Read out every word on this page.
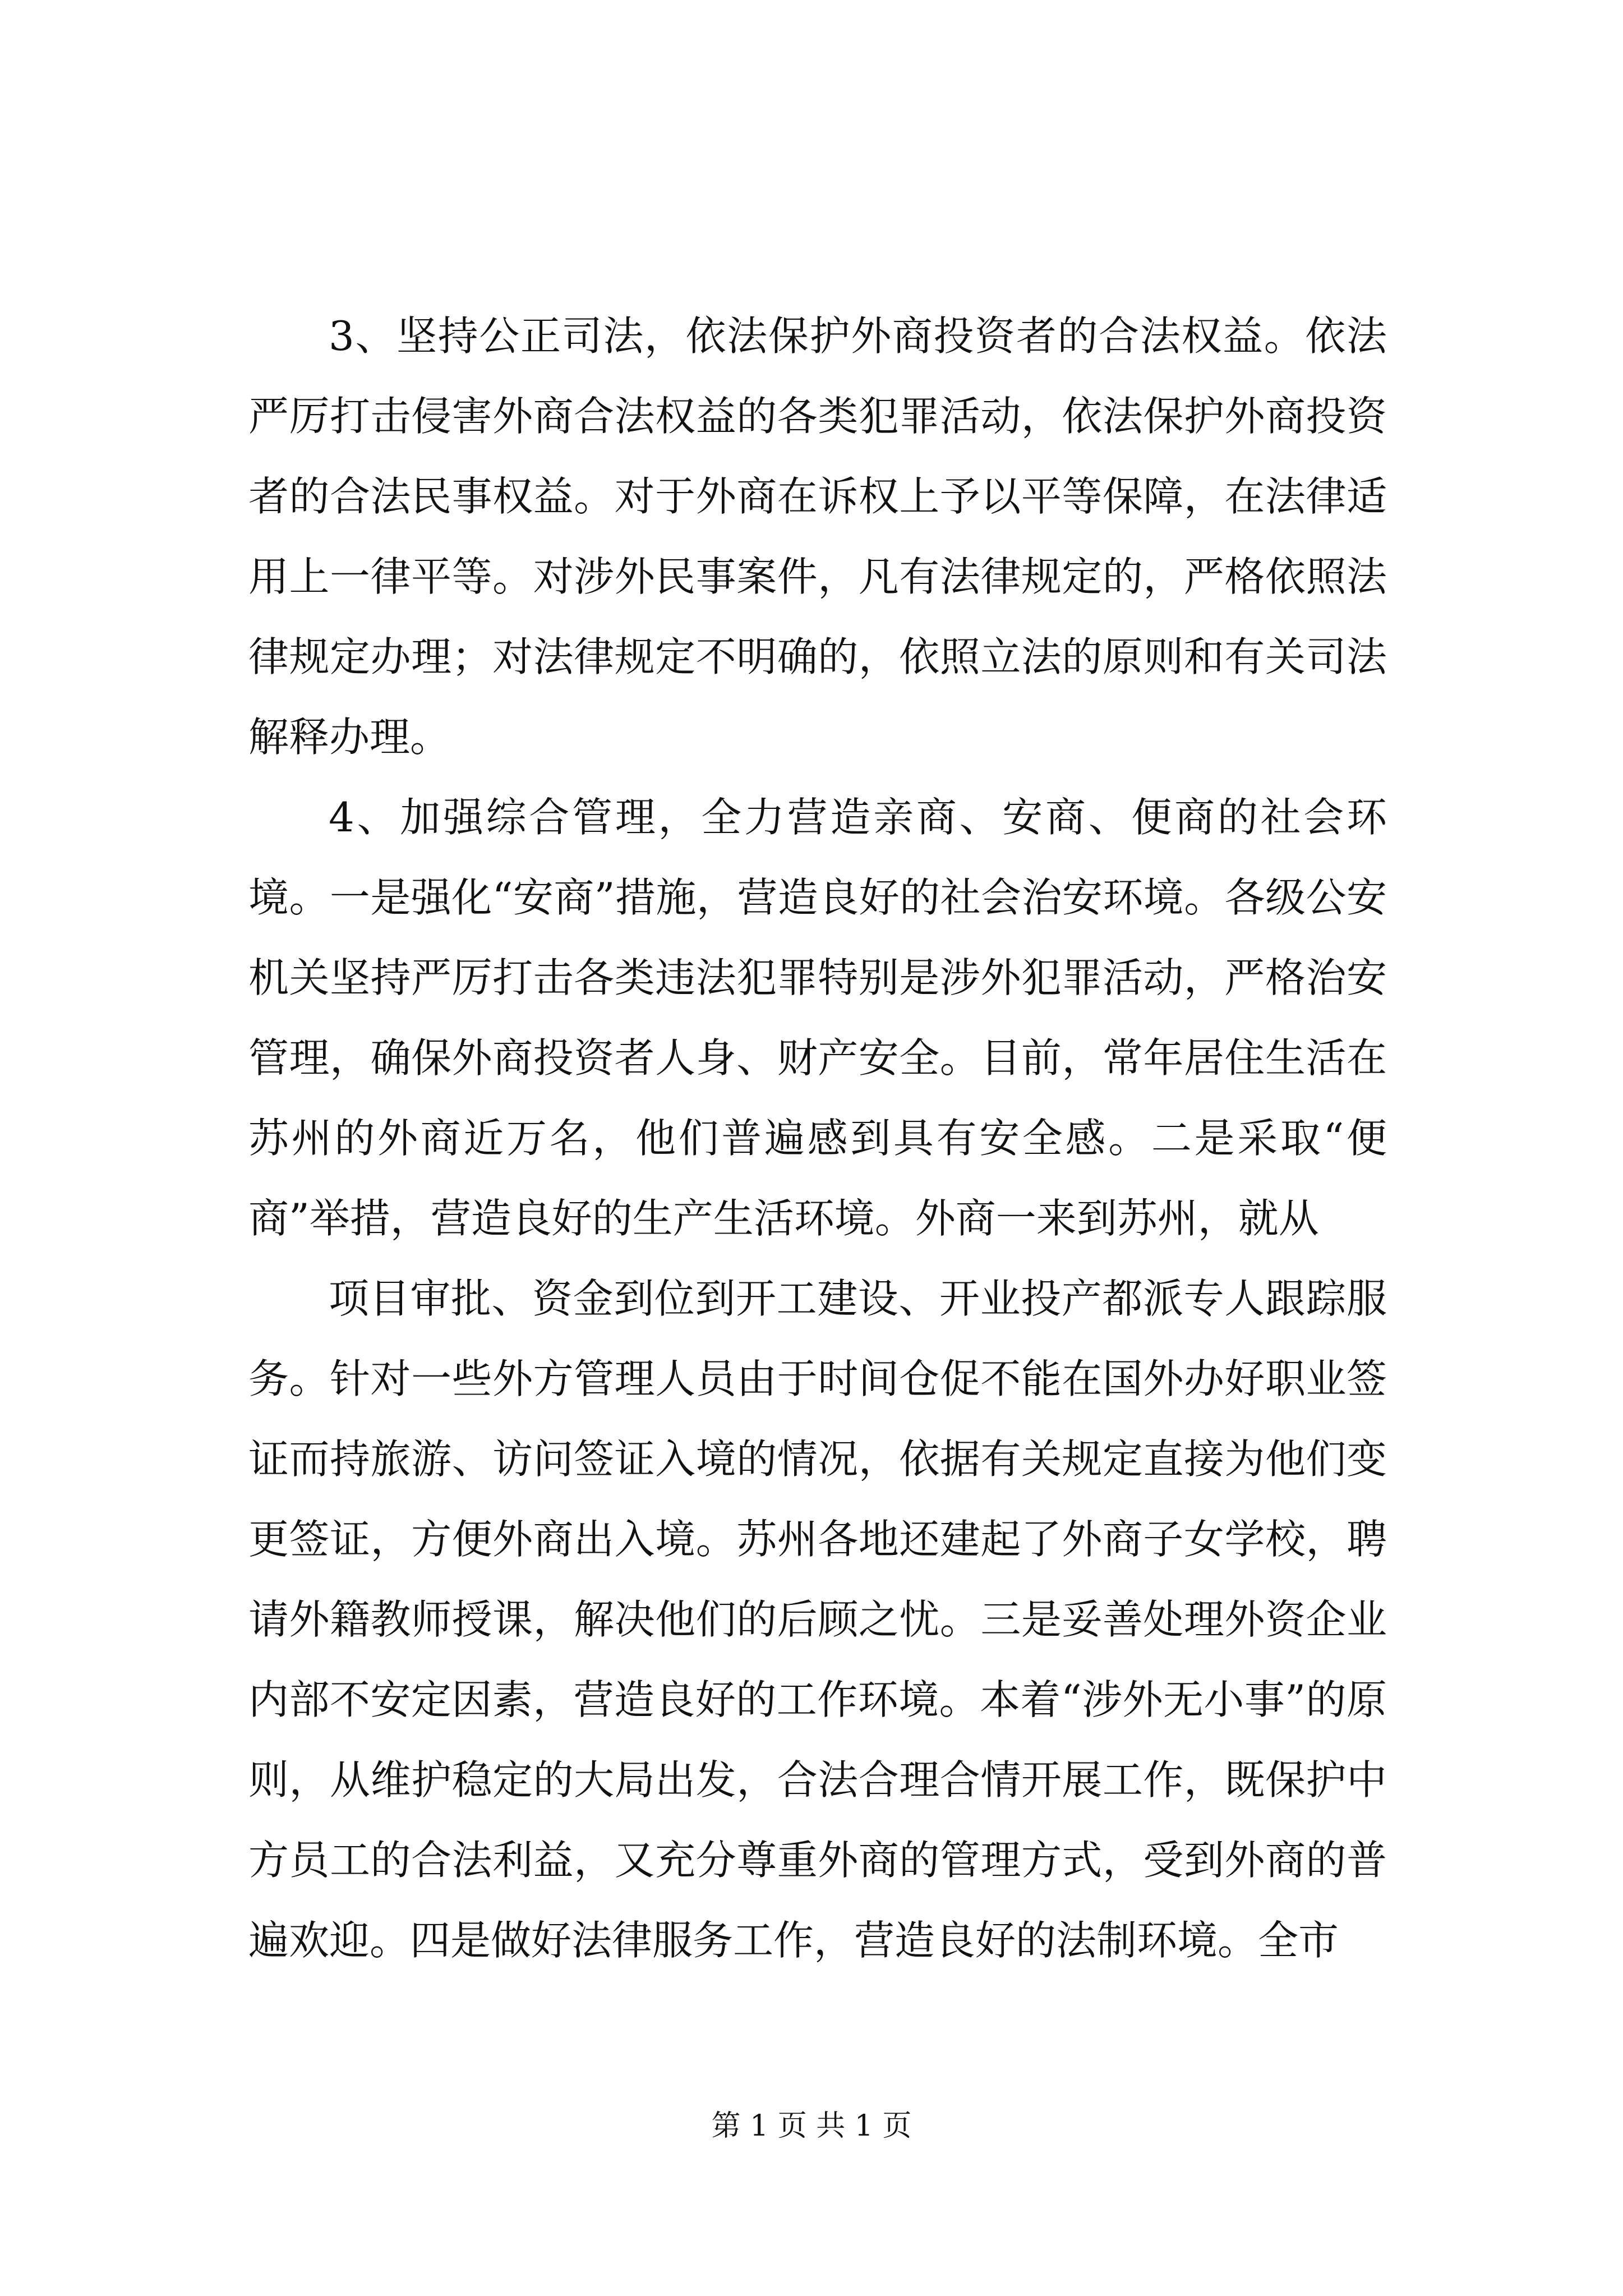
3、坚持公正司法，依法保护外商投资者的合法权益。依法严厉打击侵害外商合法权益的各类犯罪活动，依法保护外商投资者的合法民事权益。对于外商在诉权上予以平等保障，在法律适用上一律平等。对涉外民事案件，凡有法律规定的，严格依照法律规定办理；对法律规定不明确的，依照立法的原则和有关司法解释办理。

4、加强综合管理，全力营造亲商、安商、便商的社会环境。一是强化“安商”措施，营造良好的社会治安环境。各级公安机关坚持严厉打击各类违法犯罪特别是涉外犯罪活动，严格治安管理，确保外商投资者人身、财产安全。目前，常年居住生活在苏州的外商近万名，他们普遍感到具有安全感。二是采取“便商”举措，营造良好的生产生活环境。外商一来到苏州，就从

项目审批、资金到位到开工建设、开业投产都派专人跟踪服务。针对一些外方管理人员由于时间仓促不能在国外办好职业签证而持旅游、访问签证入境的情况，依据有关规定直接为他们变更签证，方便外商出入境。苏州各地还建起了外商子女学校，聘请外籍教师授课，解决他们的后顾之忧。三是妥善处理外资企业内部不安定因素，营造良好的工作环境。本着“涉外无小事”的原则，从维护稳定的大局出发，合法合理合情开展工作，既保护中方员工的合法利益，又充分尊重外商的管理方式，受到外商的普遍欢迎。四是做好法律服务工作，营造良好的法制环境。全市

第 1 页 共 1 页
